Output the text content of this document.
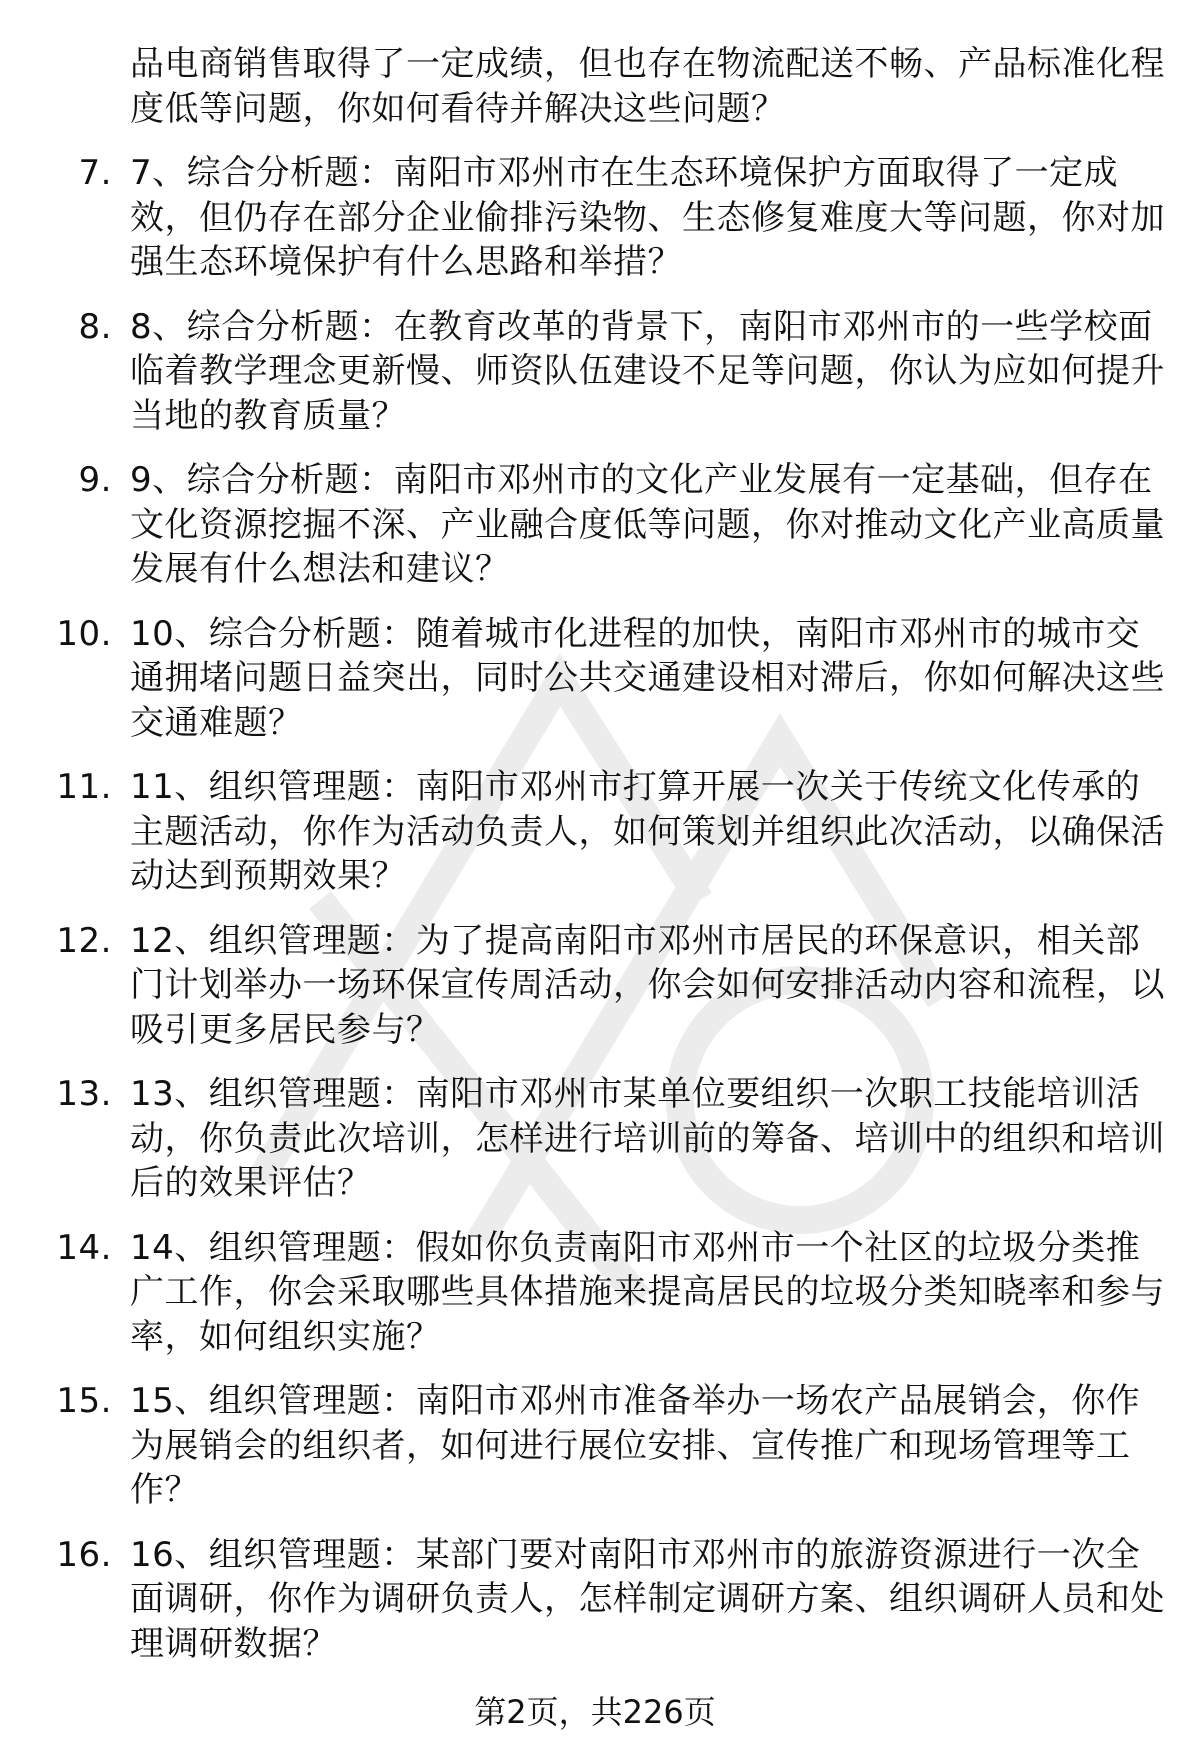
品电商销售取得了一定成绩，但也存在物流配送不畅、产品标准化程度低等问题，你如何看待并解决这些问题？

7. 7、综合分析题：南阳市邓州市在生态环境保护方面取得了一定成效，但仍存在部分企业偷排污染物、生态修复难度大等问题，你对加强生态环境保护有什么思路和举措？
8. 8、综合分析题：在教育改革的背景下，南阳市邓州市的一些学校面临着教学理念更新慢、师资队伍建设不足等问题，你认为应如何提升当地的教育质量？
9. 9、综合分析题：南阳市邓州市的文化产业发展有一定基础，但存在文化资源挖掘不深、产业融合度低等问题，你对推动文化产业高质量发展有什么想法和建议？
10. 10、综合分析题：随着城市化进程的加快，南阳市邓州市的城市交通拥堵问题日益突出，同时公共交通建设相对滞后，你如何解决这些交通难题？
11. 11、组织管理题：南阳市邓州市打算开展一次关于传统文化传承的主题活动，你作为活动负责人，如何策划并组织此次活动，以确保活动达到预期效果？
12. 12、组织管理题：为了提高南阳市邓州市居民的环保意识，相关部门计划举办一场环保宣传周活动，你会如何安排活动内容和流程，以吸引更多居民参与？
13. 13、组织管理题：南阳市邓州市某单位要组织一次职工技能培训活动，你负责此次培训，怎样进行培训前的筹备、培训中的组织和培训后的效果评估？
14. 14、组织管理题：假如你负责南阳市邓州市一个社区的垃圾分类推广工作，你会采取哪些具体措施来提高居民的垃圾分类知晓率和参与率，如何组织实施？
15. 15、组织管理题：南阳市邓州市准备举办一场农产品展销会，你作为展销会的组织者，如何进行展位安排、宣传推广和现场管理等工作？
16. 16、组织管理题：某部门要对南阳市邓州市的旅游资源进行一次全面调研，你作为调研负责人，怎样制定调研方案、组织调研人员和处理调研数据？
第2页，共226页
